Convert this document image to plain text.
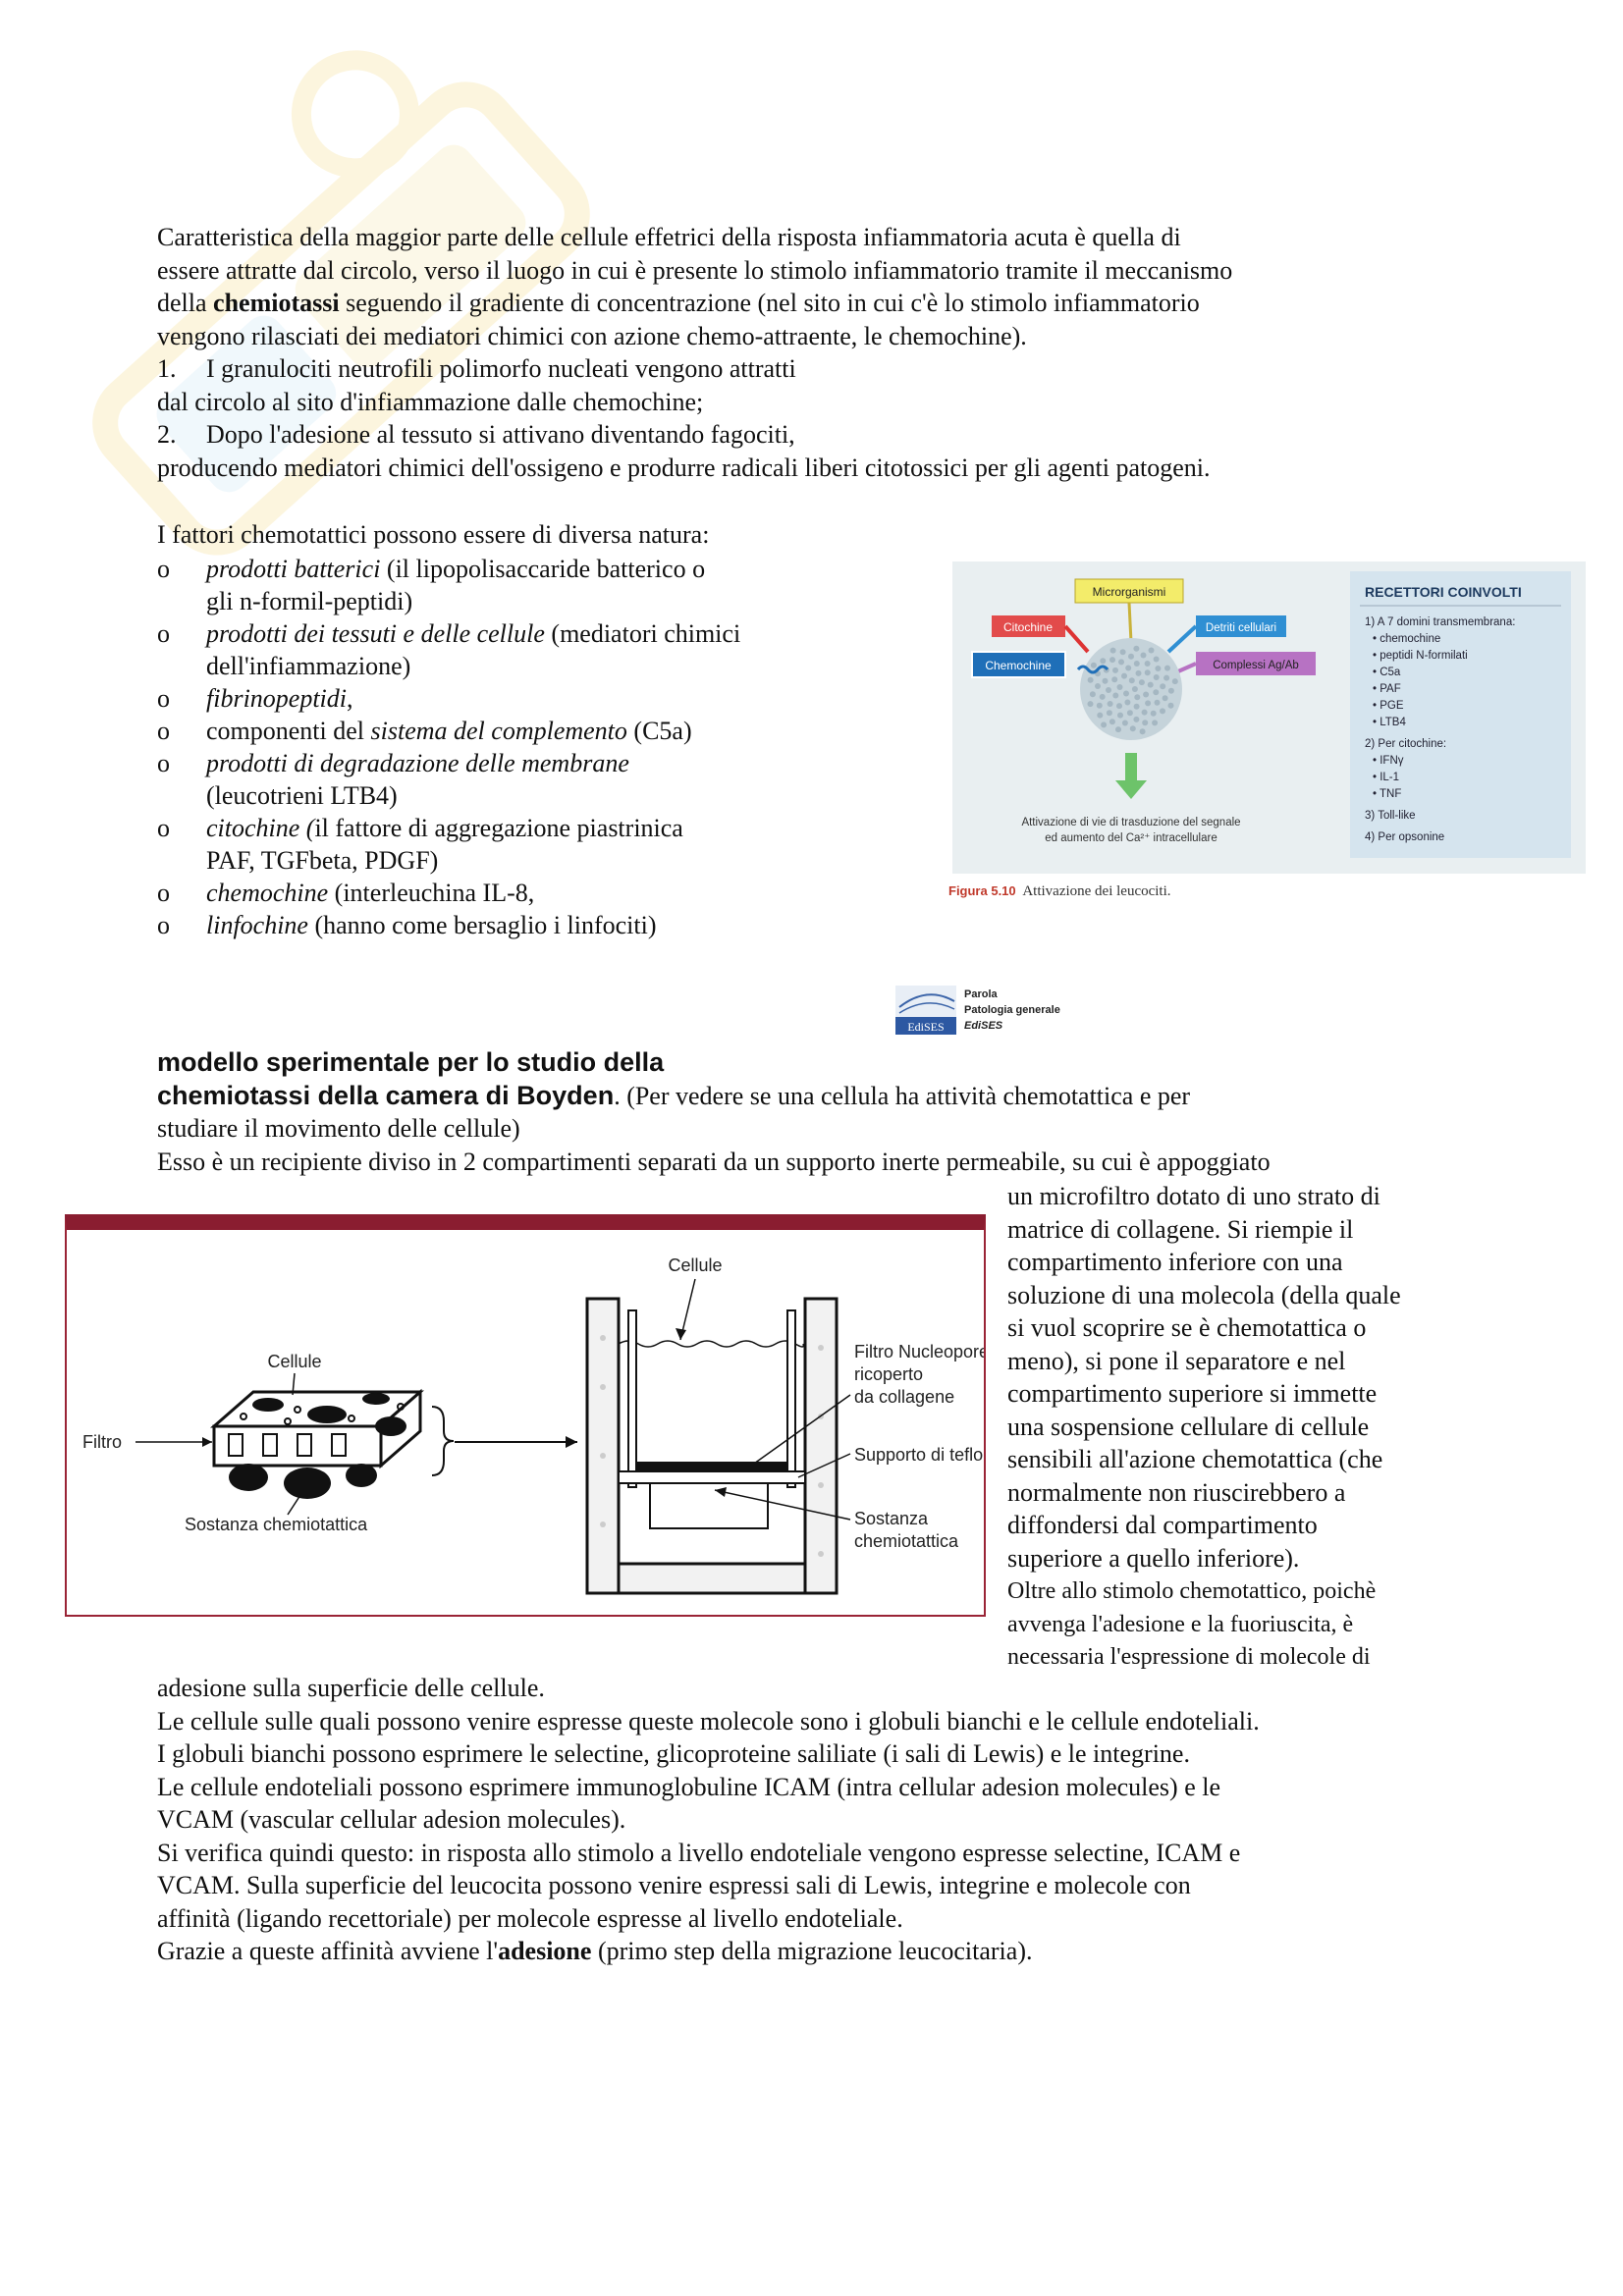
Caratteristica della maggior parte delle cellule effetrici della risposta infiammatoria acuta è quella di
essere attratte dal circolo, verso il luogo in cui è presente lo stimolo infiammatorio tramite il meccanismo
della chemiotassi seguendo il gradiente di concentrazione (nel sito in cui c'è lo stimolo infiammatorio
vengono rilasciati dei mediatori chimici con azione chemo-attraente, le chemochine).
1. I granulociti neutrofili polimorfo nucleati vengono attratti
dal circolo al sito d'infiammazione dalle chemochine;
2. Dopo l'adesione al tessuto si attivano diventando fagociti,
producendo mediatori chimici dell'ossigeno e produrre radicali liberi citotossici per gli agenti patogeni.
I fattori chemotattici possono essere di diversa natura:
o	prodotti batterici (il lipopolisaccaride batterico o
gli n-formil-peptidi)
o	prodotti dei tessuti e delle cellule (mediatori chimici
dell'infiammazione)
o	fibrinopeptidi,
o	componenti del sistema del complemento (C5a)
o	prodotti di degradazione delle membrane
(leucotrieni LTB4)
o	citochine (il fattore di aggregazione piastrinica
PAF, TGFbeta, PDGF)
o	chemochine (interleuchina IL-8,
o	linfochine (hanno come bersaglio i linfociti)
RECETTORI COINVOLTI
1) A 7 domini transmembrana:
• chemochine
• peptidi N-formilati
• C5a
• PAF
• PGE
• LTB4
2) Per citochine:
• IFNγ
• IL-1
• TNF
3) Toll-like
4) Per opsonine
Microrganismi
Citochine	Detriti cellulari
Chemochine	Complessi Ag/Ab
Attivazione di vie di trasduzione del segnale
ed aumento del Ca²⁺ intracellulare
Figura 5.10 Attivazione dei leucociti.
EdiSES
Parola
Patologia generale
EdiSES
modello sperimentale per lo studio della
chemiotassi della camera di Boyden. (Per vedere se una cellula ha attività chemotattica e per
studiare il movimento delle cellule)
Esso è un recipiente diviso in 2 compartimenti separati da un supporto inerte permeabile, su cui è appoggiato
un microfiltro dotato di uno strato di
matrice di collagene. Si riempie il
compartimento inferiore con una
soluzione di una molecola (della quale
si vuol scoprire se è chemotattica o
meno), si pone il separatore e nel
compartimento superiore si immette
una sospensione cellulare di cellule
sensibili all'azione chemotattica (che
normalmente non riuscirebbero a
diffondersi dal compartimento
superiore a quello inferiore).
Oltre allo stimolo chemotattico, poichè
avvenga l'adesione e la fuoriuscita, è
necessaria l'espressione di molecole di
Cellule
Filtro
Sostanza chemiotattica
Cellule
Filtro Nucleopore
ricoperto
da collagene
Supporto di teflon
Sostanza
chemiotattica
adesione sulla superficie delle cellule.
Le cellule sulle quali possono venire espresse queste molecole sono i globuli bianchi e le cellule endoteliali.
I globuli bianchi possono esprimere le selectine, glicoproteine saliliate (i sali di Lewis) e le integrine.
Le cellule endoteliali possono esprimere immunoglobuline ICAM (intra cellular adesion molecules) e le
VCAM (vascular cellular adesion molecules).
Si verifica quindi questo: in risposta allo stimolo a livello endoteliale vengono espresse selectine, ICAM e
VCAM. Sulla superficie del leucocita possono venire espressi sali di Lewis, integrine e molecole con
affinità (ligando recettoriale) per molecole espresse al livello endoteliale.
Grazie a queste affinità avviene l'adesione (primo step della migrazione leucocitaria).
